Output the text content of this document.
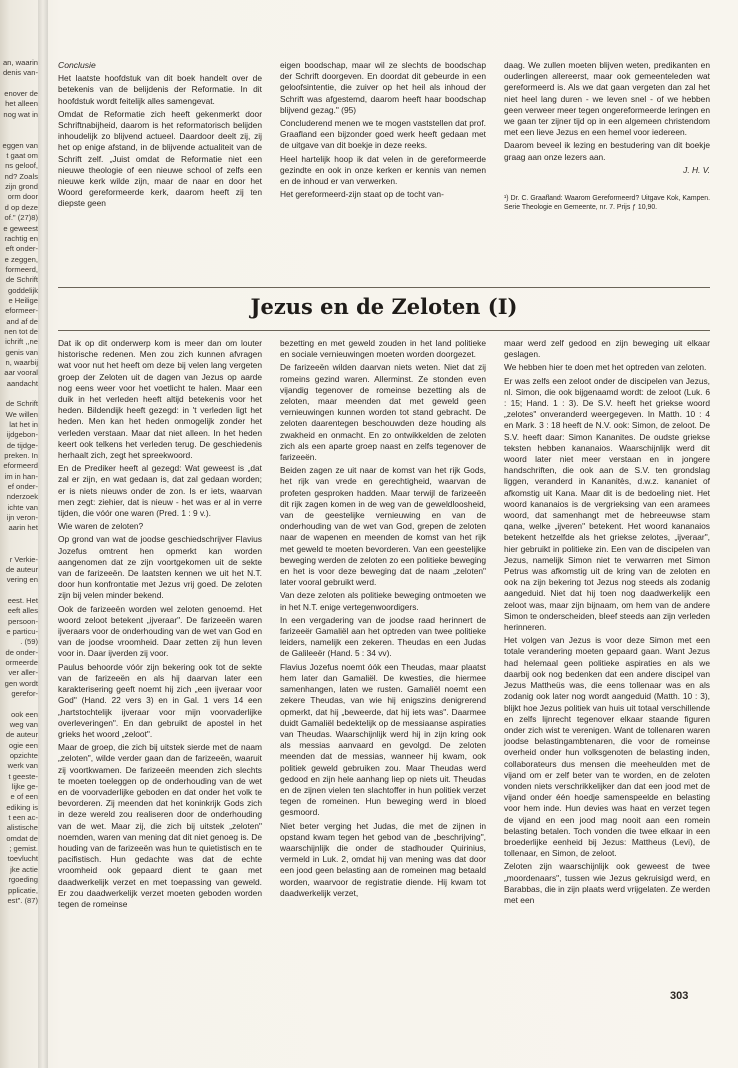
an, waarin
denis van-

enover de
het alleen
nog wat in

eggen van
t gaat om
ns geloof,
nd? Zoals
zijn grond
orm door
d op deze
of." (27)8)
e geweest
rachtig en
eft onder-
e zeggen,
formeerd,
de Schrift
goddelijk
e Heilige
eformeer-
and af de
nen tot de
ichrift ,,ne
genis van
n, waarbij
aar vooral
aandacht

de Schrift
We willen
lat het in
ijdgebon-
de tijdge-
preken. In
eformeerd
im in han-
ef onder-
nderzoek
ichte van
ijn veron-
aarin het

r Verkie-
de auteur
vering en

eest. Het
eeft alles
persoon-
e particu-
. (59)
de onder-
ormeerde
ver aller-
gen wordt
gerefor-

ook een
weg van
de auteur
ogie een
opzichte
werk van
t geeste-
lijke ge-
e of een
ediking is
t een ac-
alistische
omdat de
; gemist.
toevlucht
jke actie
rgoeding
pplicatie,
est". (87)
Conclusie

Het laatste hoofdstuk van dit boek handelt over de betekenis van de belijdenis der Reformatie. In dit hoofdstuk wordt feitelijk alles samengevat.

Omdat de Reformatie zich heeft gekenmerkt door Schriftnabijheid, daarom is het reformatorisch belijden inhoudelijk zo blijvend actueel. Daardoor deelt zij, zij het op enige afstand, in de blijvende actualiteit van de Schrift zelf. „Juist omdat de Reformatie niet een nieuwe theologie of een nieuwe school of zelfs een nieuwe kerk wilde zijn, maar de naar en door het Woord gereformeerde kerk, daarom heeft zij ten diepste geen

eigen boodschap, maar wil ze slechts de boodschap der Schrift doorgeven. En doordat dit gebeurde in een geloofsintentie, die zuiver op het heil als inhoud der Schrift was afgestemd, daarom heeft haar boodschap blijvend gezag." (95)

Concluderend menen we te mogen vaststellen dat prof. Graafland een bijzonder goed werk heeft gedaan met de uitgave van dit boekje in deze reeks.

Heel hartelijk hoop ik dat velen in de gereformeerde gezindte en ook in onze kerken er kennis van nemen en de inhoud er van verwerken.

Het gereformeerd-zijn staat op de tocht van-

daag. We zullen moeten blijven weten, predikanten en ouderlingen allereerst, maar ook gemeenteleden wat gereformeerd is. Als we dat gaan vergeten dan zal het niet heel lang duren - we leven snel - of we hebben geen verweer meer tegen ongereformeerde leringen en we gaan ter zijner tijd op in een algemeen christendom met een lieve Jezus en een hemel voor iedereen.

Daarom beveel ik lezing en bestudering van dit boekje graag aan onze lezers aan.

J. H. V.
¹) Dr. C. Graafland: Waarom Gereformeerd? Uitgave Kok, Kampen. Serie Theologie en Gemeente, nr. 7. Prijs ƒ 10,90.
Jezus en de Zeloten (I)

Dat ik op dit onderwerp kom is meer dan om louter historische redenen. Men zou zich kunnen afvragen wat voor nut het heeft om deze bij velen lang vergeten groep der Zeloten uit de dagen van Jezus op aarde nog eens weer voor het voetlicht te halen. Maar een duik in het verleden heeft altijd betekenis voor het heden. Bildendijk heeft gezegd: in 't verleden ligt het heden. Men kan het heden onmogelijk zonder het verleden verstaan. Maar dat niet alleen. In het heden keert ook telkens het verleden terug. De geschiedenis herhaalt zich, zegt het spreekwoord.

En de Prediker heeft al gezegd: Wat geweest is „dat zal er zijn, en wat gedaan is, dat zal gedaan worden; er is niets nieuws onder de zon. Is er iets, waarvan men zegt: ziehier, dat is nieuw - het was er al in verre tijden, die vóór one waren (Pred. 1 : 9 v.).

Wie waren de zeloten?

Op grond van wat de joodse geschiedschrijver Flavius Jozefus omtrent hen opmerkt kan worden aangenomen dat ze zijn voortgekomen uit de sekte van de farizeeën. De laatsten kennen we uit het N.T. door hun konfrontatie met Jezus vrij goed. De zeloten zijn bij velen minder bekend.

Ook de farizeeën worden wel zeloten genoemd. Het woord zeloot betekent „ijveraar". De farizeeën waren ijveraars voor de onderhouding van de wet van God en van de joodse vroomheid. Daar zetten zij hun leven voor in. Daar ijverden zij voor.

Paulus behoorde vóór zijn bekering ook tot de sekte van de farizeeën en als hij daarvan later een karakterisering geeft noemt hij zich „een ijveraar voor God" (Hand. 22 vers 3) en in Gal. 1 vers 14 een „hartstochtelijk ijveraar voor mijn voorvaderlijke overleveringen". En dan gebruikt de apostel in het grieks het woord „zeloot".

Maar de groep, die zich bij uitstek sierde met de naam „zeloten", wilde verder gaan dan de farizeeën, waaruit zij voortkwamen. De farizeeën meenden zich slechts te moeten toeleggen op de onderhouding van de wet en de voorvaderlijke geboden en dat onder het volk te bevorderen. Zij meenden dat het koninkrijk Gods zich in deze wereld zou realiseren door de onderhouding van de wet. Maar zij, die zich bij uitstek „zeloten" noemden, waren van mening dat dit niet genoeg is. De houding van de farizeeën was hun te quietistisch en te pacifistisch. Hun gedachte was dat de echte vroomheid ook gepaard dient te gaan met daadwerkelijk verzet en met toepassing van geweld. Er zou daadwerkelijk verzet moeten geboden worden tegen de romeinse

bezetting en met geweld zouden in het land politieke en sociale vernieuwingen moeten worden doorgezet.

De farizeeën wilden daarvan niets weten. Niet dat zij romeins gezind waren. Allerminst. Ze stonden even vijandig tegenover de romeinse bezetting als de zeloten, maar meenden dat met geweld geen vernieuwingen kunnen worden tot stand gebracht. De zeloten daarentegen beschouwden deze houding als zwakheid en onmacht. En zo ontwikkelden de zeloten zich als een aparte groep naast en zelfs tegenover de farizeeën.

Beiden zagen ze uit naar de komst van het rijk Gods, het rijk van vrede en gerechtigheid, waarvan de profeten gesproken hadden. Maar terwijl de farizeeën dit rijk zagen komen in de weg van de geweldloosheid, van de geestelijke vernieuwing en van de onderhouding van de wet van God, grepen de zeloten naar de wapenen en meenden de komst van het rijk met geweld te moeten bevorderen. Van een geestelijke beweging werden de zeloten zo een politieke beweging en het is voor deze beweging dat de naam „zeloten" later vooral gebruikt werd.

Van deze zeloten als politieke beweging ontmoeten we in het N.T. enige vertegenwoordigers.

In een vergadering van de joodse raad herinnert de farizeeër Gamaliël aan het optreden van twee politieke leiders, namelijk een zekeren. Theudas en een Judas de Galileeër (Hand. 5 : 34 vv).

Flavius Jozefus noemt óók een Theudas, maar plaatst hem later dan Gamaliël. De kwesties, die hiermee samenhangen, laten we rusten. Gamaliël noemt een zekere Theudas, van wie hij enigszins denigrerend opmerkt, dat hij „beweerde, dat hij iets was". Daarmee duidt Gamaliël bedektelijk op de messiaanse aspiraties van Theudas. Waarschijnlijk werd hij in zijn kring ook als messias aanvaard en gevolgd. De zeloten meenden dat de messias, wanneer hij kwam, ook politiek geweld gebruiken zou. Maar Theudas werd gedood en zijn hele aanhang liep op niets uit. Theudas en de zijnen vielen ten slachtoffer in hun politiek verzet tegen de romeinen. Hun beweging werd in bloed gesmoord.

Niet beter verging het Judas, die met de zijnen in opstand kwam tegen het gebod van de „beschrijving", waarschijnlijk die onder de stadhouder Quirinius, vermeld in Luk. 2, omdat hij van mening was dat door een jood geen belasting aan de romeinen mag betaald worden, waarvoor de registratie diende. Hij kwam tot daadwerkelijk verzet,

maar werd zelf gedood en zijn beweging uit elkaar geslagen.

We hebben hier te doen met het optreden van zeloten.

Er was zelfs een zeloot onder de discipelen van Jezus, nl. Simon, die ook bijgenaamd wordt: de zeloot (Luk. 6 : 15; Hand. 1 : 3). De S.V. heeft het griekse woord „zelotes" onveranderd weergegeven. In Matth. 10 : 4 en Mark. 3 : 18 heeft de N.V. ook: Simon, de zeloot. De S.V. heeft daar: Simon Kananites. De oudste griekse teksten hebben kananaios. Waarschijnlijk werd dit woord later niet meer verstaan en in jongere handschriften, die ook aan de S.V. ten grondslag liggen, veranderd in Kananitès, d.w.z. kananiet of afkomstig uit Kana. Maar dit is de bedoeling niet. Het woord kananaios is de vergrieksing van een aramees woord, dat samenhangt met de hebreeuwse stam qana, welke „ijveren" betekent. Het woord kananaios betekent hetzelfde als het griekse zelotes, „ijveraar", hier gebruikt in politieke zin. Een van de discipelen van Jezus, namelijk Simon niet te verwarren met Simon Petrus was afkomstig uit de kring van de zeloten en ook na zijn bekering tot Jezus nog steeds als zodanig aangeduid. Niet dat hij toen nog daadwerkelijk een zeloot was, maar zijn bijnaam, om hem van de andere Simon te onderscheiden, bleef steeds aan zijn verleden herinneren.

Het volgen van Jezus is voor deze Simon met een totale verandering moeten gepaard gaan. Want Jezus had helemaal geen politieke aspiraties en als we daarbij ook nog bedenken dat een andere discipel van Jezus Mattheüs was, die eens tollenaar was en als zodanig ook later nog wordt aangeduid (Matth. 10 : 3), blijkt hoe Jezus politiek van huis uit totaal verschillende en zelfs lijnrecht tegenover elkaar staande figuren onder zich wist te verenigen. Want de tollenaren waren joodse belastingambtenaren, die voor de romeinse overheid onder hun volksgenoten de belasting inden, collaborateurs dus mensen die meeheulden met de vijand om er zelf beter van te worden, en de zeloten vonden niets verschrikkelijker dan dat een jood met de vijand onder één hoedje samenspeelde en belasting voor hem inde. Hun devies was haat en verzet tegen de vijand en een jood mag nooit aan een romein belasting betalen. Toch vonden die twee elkaar in een broederlijke eenheid bij Jezus: Mattheus (Levi), de tollenaar, en Simon, de zeloot.

Zeloten zijn waarschijnlijk ook geweest de twee „moordenaars", tussen wie Jezus gekruisigd werd, en Barabbas, die in zijn plaats werd vrijgelaten. Ze werden met een

303
